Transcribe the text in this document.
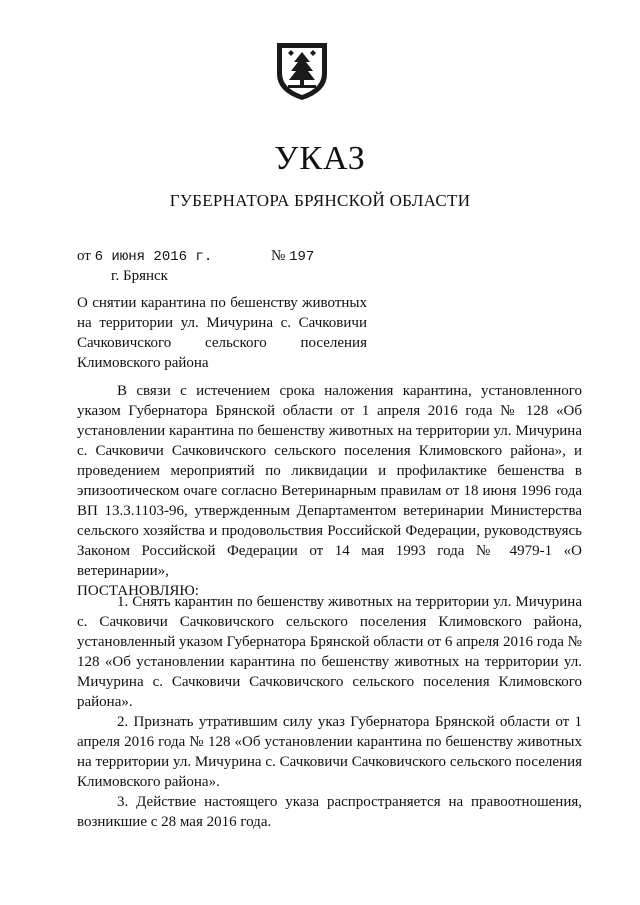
УКАЗ
ГУБЕРНАТОРА БРЯНСКОЙ ОБЛАСТИ
от 6 июня 2016 г.	№ 197
г. Брянск
О снятии карантина по бешенству животных на территории ул. Мичурина с. Сачковичи Сачковичского сельского поселения Климовского района

В связи с истечением срока наложения карантина, установленного указом Губернатора Брянской области от 1 апреля 2016 года № 128 «Об установлении карантина по бешенству животных на территории ул. Мичурина с. Сачковичи Сачковичского сельского поселения Климовского района», и проведением мероприятий по ликвидации и профилактике бешенства в эпизоотическом очаге согласно Ветеринарным правилам от 18 июня 1996 года ВП 13.3.1103-96, утвержденным Департаментом ветеринарии Министерства сельского хозяйства и продовольствия Российской Федерации, руководствуясь Законом Российской Федерации от 14 мая 1993 года № 4979-1 «О ветеринарии»,

ПОСТАНОВЛЯЮ:

1. Снять карантин по бешенству животных на территории ул. Мичурина с. Сачковичи Сачковичского сельского поселения Климовского района, установленный указом Губернатора Брянской области от 6 апреля 2016 года № 128 «Об установлении карантина по бешенству животных на территории ул. Мичурина с. Сачковичи Сачковичского сельского поселения Климовского района».

2. Признать утратившим силу указ Губернатора Брянской области от 1 апреля 2016 года № 128 «Об установлении карантина по бешенству животных на территории ул. Мичурина с. Сачковичи Сачковичского сельского поселения Климовского района».

3. Действие настоящего указа распространяется на правоотношения, возникшие с 28 мая 2016 года.
